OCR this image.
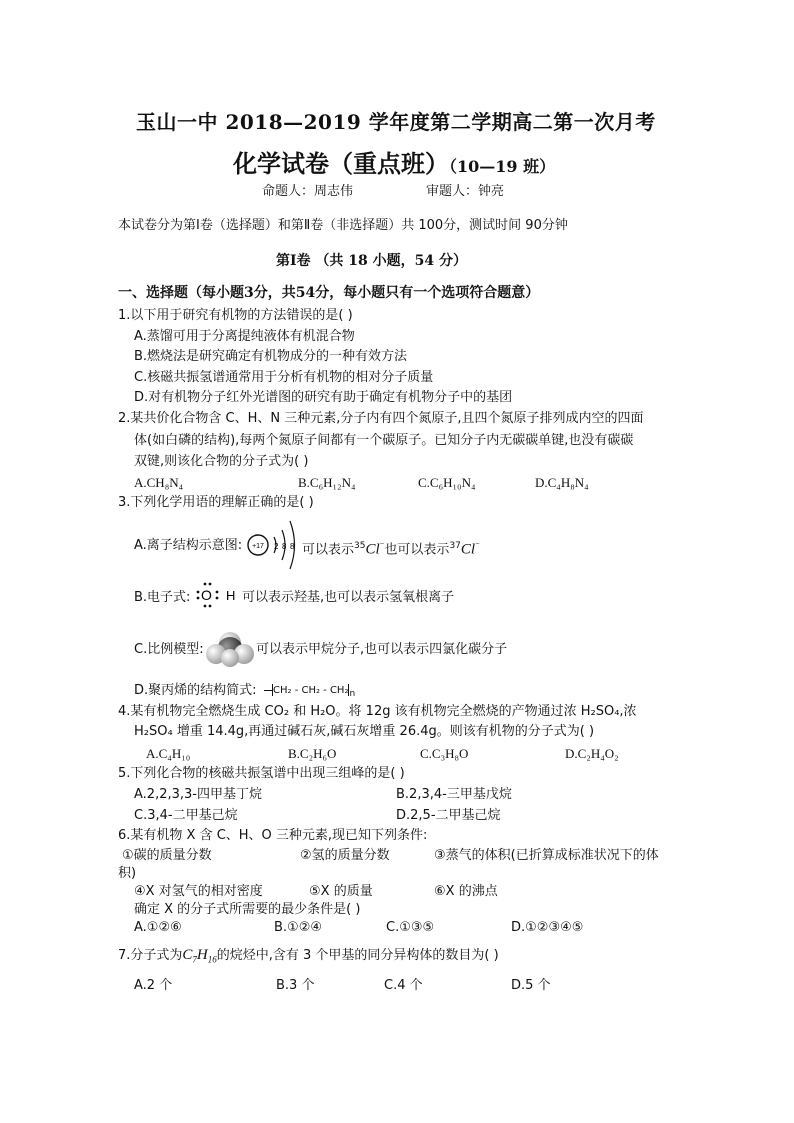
玉山一中 2018—2019 学年度第二学期高二第一次月考
化学试卷（重点班）（10—19 班）
命题人：周志伟	审题人：钟亮
本试卷分为第Ⅰ卷（选择题）和第Ⅱ卷（非选择题）共 100分，测试时间 90分钟
第Ⅰ卷 （共 18 小题，54 分）
一、选择题（每小题3分，共54分，每小题只有一个选项符合题意）
1.以下用于研究有机物的方法错误的是( )
A.蒸馏可用于分离提纯液体有机混合物
B.燃烧法是研究确定有机物成分的一种有效方法
C.核磁共振氢谱通常用于分析有机物的相对分子质量
D.对有机物分子红外光谱图的研究有助于确定有机物分子中的基团
2.某共价化合物含 C、H、N 三种元素,分子内有四个氮原子,且四个氮原子排列成内空的四面
体(如白磷的结构),每两个氮原子间都有一个碳原子。已知分子内无碳碳单键,也没有碳碳
双键,则该化合物的分子式为( )
A.CH₈N₄	B.C₆H₁₂N₄	C.C₆H₁₀N₄	D.C₄H₈N₄
3.下列化学用语的理解正确的是( )
A.离子结构示意图: +17 2 8 8 可以表示$^{35}$Cl⁻也可以表示$^{37}$Cl⁻
B.电子式: O H 可以表示羟基,也可以表示氢氧根离子
C.比例模型:	可以表示甲烷分子,也可以表示四氯化碳分子
D.聚丙烯的结构简式:	$CH_2 - CH_2 - CH_2_n$
4.某有机物完全燃烧生成 CO₂ 和 H₂O。将 12g 该有机物完全燃烧的产物通过浓 H₂SO₄,浓
H₂SO₄ 增重 14.4g,再通过碱石灰,碱石灰增重 26.4g。则该有机物的分子式为( )
A.C₄H₁₀	B.C₂H₆O	C.C₃H₈O	D.C₂H₄O₂
5.下列化合物的核磁共振氢谱中出现三组峰的是( )
A.2,2,3,3-四甲基丁烷	B.2,3,4-三甲基戊烷
C.3,4-二甲基己烷	D.2,5-二甲基己烷
6.某有机物 X 含 C、H、O 三种元素,现已知下列条件:
①碳的质量分数	②氢的质量分数	③蒸气的体积(已折算成标准状况下的体
积)
④X 对氢气的相对密度	⑤X 的质量	⑥X 的沸点
确定 X 的分子式所需要的最少条件是( )
A.①②⑥	B.①②④	C.①③⑤	D.①②③④⑤
7.分子式为$C_7H_{16}$的烷烃中,含有 3 个甲基的同分异构体的数目为( )
A.2 个	B.3 个	C.4 个	D.5 个
